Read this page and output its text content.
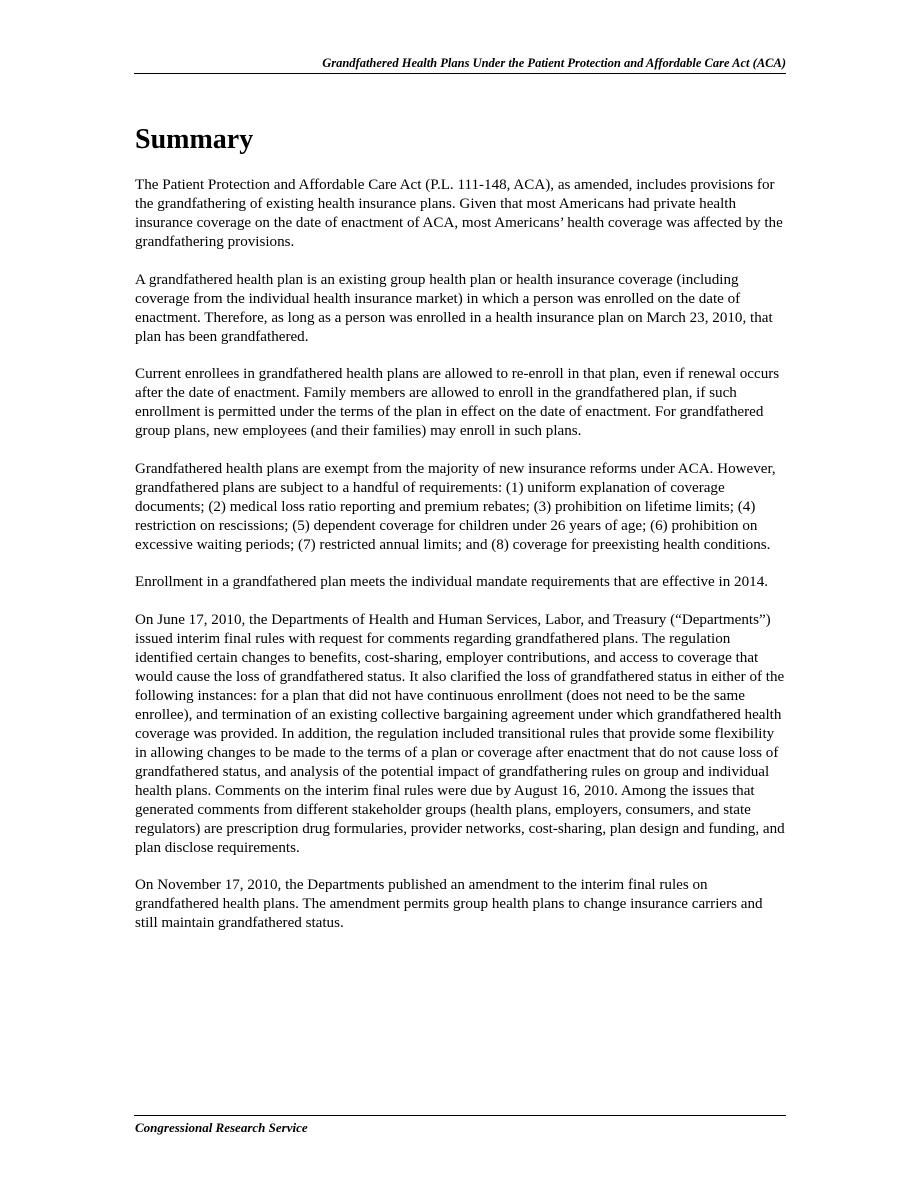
Grandfathered Health Plans Under the Patient Protection and Affordable Care Act (ACA)
Summary

The Patient Protection and Affordable Care Act (P.L. 111-148, ACA), as amended, includes provisions for the grandfathering of existing health insurance plans. Given that most Americans had private health insurance coverage on the date of enactment of ACA, most Americans’ health coverage was affected by the grandfathering provisions.

A grandfathered health plan is an existing group health plan or health insurance coverage (including coverage from the individual health insurance market) in which a person was enrolled on the date of enactment. Therefore, as long as a person was enrolled in a health insurance plan on March 23, 2010, that plan has been grandfathered.

Current enrollees in grandfathered health plans are allowed to re-enroll in that plan, even if renewal occurs after the date of enactment. Family members are allowed to enroll in the grandfathered plan, if such enrollment is permitted under the terms of the plan in effect on the date of enactment. For grandfathered group plans, new employees (and their families) may enroll in such plans.

Grandfathered health plans are exempt from the majority of new insurance reforms under ACA. However, grandfathered plans are subject to a handful of requirements: (1) uniform explanation of coverage documents; (2) medical loss ratio reporting and premium rebates; (3) prohibition on lifetime limits; (4) restriction on rescissions; (5) dependent coverage for children under 26 years of age; (6) prohibition on excessive waiting periods; (7) restricted annual limits; and (8) coverage for preexisting health conditions.

Enrollment in a grandfathered plan meets the individual mandate requirements that are effective in 2014.

On June 17, 2010, the Departments of Health and Human Services, Labor, and Treasury (“Departments”) issued interim final rules with request for comments regarding grandfathered plans. The regulation identified certain changes to benefits, cost-sharing, employer contributions, and access to coverage that would cause the loss of grandfathered status. It also clarified the loss of grandfathered status in either of the following instances: for a plan that did not have continuous enrollment (does not need to be the same enrollee), and termination of an existing collective bargaining agreement under which grandfathered health coverage was provided. In addition, the regulation included transitional rules that provide some flexibility in allowing changes to be made to the terms of a plan or coverage after enactment that do not cause loss of grandfathered status, and analysis of the potential impact of grandfathering rules on group and individual health plans. Comments on the interim final rules were due by August 16, 2010. Among the issues that generated comments from different stakeholder groups (health plans, employers, consumers, and state regulators) are prescription drug formularies, provider networks, cost-sharing, plan design and funding, and plan disclose requirements.

On November 17, 2010, the Departments published an amendment to the interim final rules on grandfathered health plans. The amendment permits group health plans to change insurance carriers and still maintain grandfathered status.

Congressional Research Service
